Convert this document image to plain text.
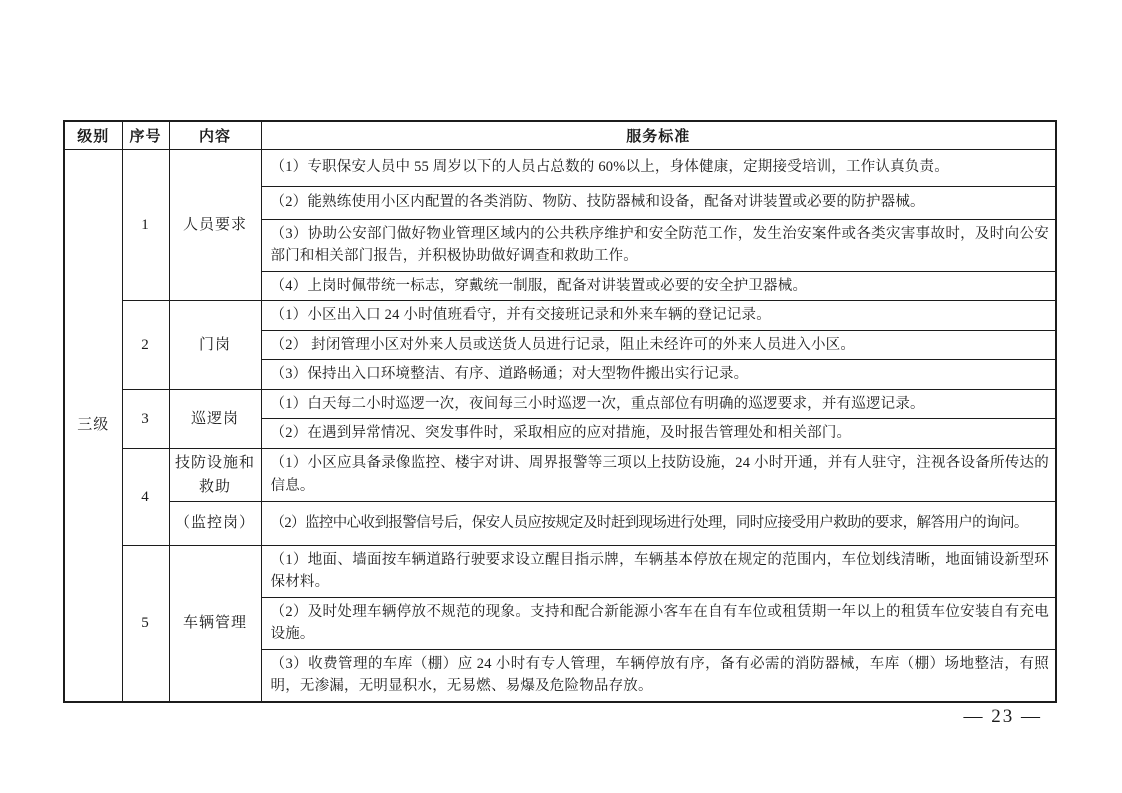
级别	序号	内容	服务标准
三级	1	人员要求	（1）专职保安人员中 55 周岁以下的人员占总数的 60%以上，身体健康，定期接受培训，工作认真负责。
			（2）能熟练使用小区内配置的各类消防、物防、技防器械和设备，配备对讲装置或必要的防护器械。
			（3）协助公安部门做好物业管理区域内的公共秩序维护和安全防范工作，发生治安案件或各类灾害事故时，及时向公安部门和相关部门报告，并积极协助做好调查和救助工作。
			（4）上岗时佩带统一标志，穿戴统一制服，配备对讲装置或必要的安全护卫器械。
	2	门岗	（1）小区出入口 24 小时值班看守，并有交接班记录和外来车辆的登记记录。
			（2） 封闭管理小区对外来人员或送货人员进行记录，阻止未经许可的外来人员进入小区。
			（3）保持出入口环境整洁、有序、道路畅通；对大型物件搬出实行记录。
	3	巡逻岗	（1）白天每二小时巡逻一次，夜间每三小时巡逻一次，重点部位有明确的巡逻要求，并有巡逻记录。
			（2）在遇到异常情况、突发事件时，采取相应的应对措施，及时报告管理处和相关部门。
	4	技防设施和救助	（1）小区应具备录像监控、楼宇对讲、周界报警等三项以上技防设施，24 小时开通，并有人驻守，注视各设备所传达的信息。
		（监控岗）	（2）监控中心收到报警信号后，保安人员应按规定及时赶到现场进行处理，同时应接受用户救助的要求，解答用户的询问。
	5	车辆管理	（1）地面、墙面按车辆道路行驶要求设立醒目指示牌，车辆基本停放在规定的范围内，车位划线清晰，地面铺设新型环保材料。
			（2）及时处理车辆停放不规范的现象。支持和配合新能源小客车在自有车位或租赁期一年以上的租赁车位安装自有充电设施。
			（3）收费管理的车库（棚）应 24 小时有专人管理，车辆停放有序，备有必需的消防器械，车库（棚）场地整洁，有照明，无渗漏，无明显积水，无易燃、易爆及危险物品存放。
— 23 —
